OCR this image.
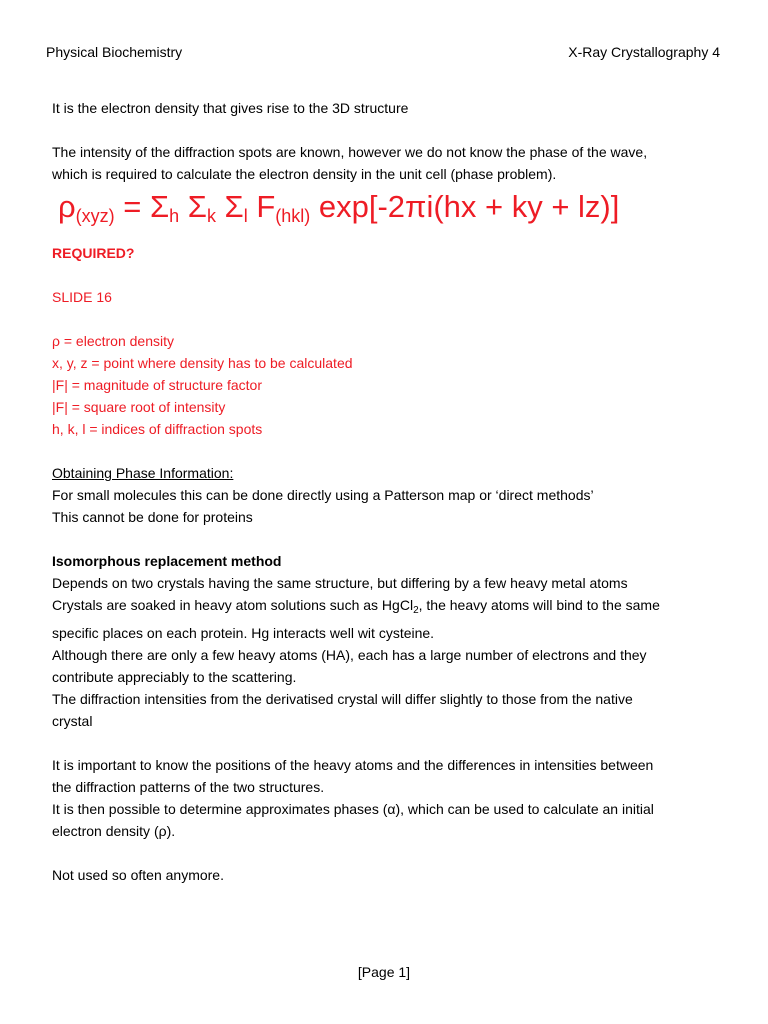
Physical Biochemistry	X-Ray Crystallography 4

It is the electron density that gives rise to the 3D structure

The intensity of the diffraction spots are known, however we do not know the phase of the wave,

which is required to calculate the electron density in the unit cell (phase problem).

$\rho_{(xyz)} = \Sigma_h$ $\Sigma_k$ $\Sigma_l$ $F_{(hkl)}$ exp[-2πi(hx + ky + lz)]

REQUIRED?

SLIDE 16

ρ = electron density

x, y, z = point where density has to be calculated

|F| = magnitude of structure factor

|F| = square root of intensity

h, k, l = indices of diffraction spots

Obtaining Phase Information:

For small molecules this can be done directly using a Patterson map or ‘direct methods’

This cannot be done for proteins

Isomorphous replacement method

Depends on two crystals having the same structure, but differing by a few heavy metal atoms

Crystals are soaked in heavy atom solutions such as HgCl$_2$, the heavy atoms will bind to the same

specific places on each protein. Hg interacts well wit cysteine.

Although there are only a few heavy atoms (HA), each has a large number of electrons and they

contribute appreciably to the scattering.

The diffraction intensities from the derivatised crystal will differ slightly to those from the native

crystal

It is important to know the positions of the heavy atoms and the differences in intensities between

the diffraction patterns of the two structures.

It is then possible to determine approximates phases (α), which can be used to calculate an initial

electron density (ρ).

Not used so often anymore.

[Page 1]
